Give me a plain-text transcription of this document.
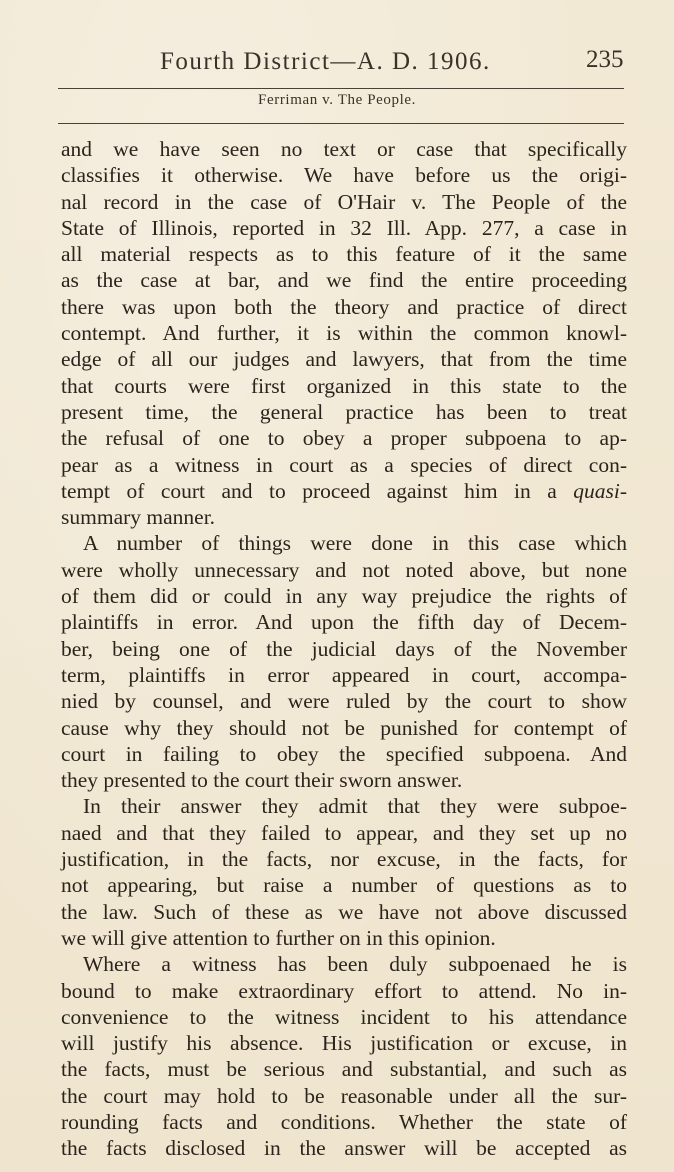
Fourth District—A. D. 1906.	235
Ferriman v. The People.
and we have seen no text or case that specifically
classifies it otherwise. We have before us the origi-
nal record in the case of O'Hair v. The People of the
State of Illinois, reported in 32 Ill. App. 277, a case in
all material respects as to this feature of it the same
as the case at bar, and we find the entire proceeding
there was upon both the theory and practice of direct
contempt. And further, it is within the common knowl-
edge of all our judges and lawyers, that from the time
that courts were first organized in this state to the
present time, the general practice has been to treat
the refusal of one to obey a proper subpoena to ap-
pear as a witness in court as a species of direct con-
tempt of court and to proceed against him in a quasi-
summary manner.
A number of things were done in this case which
were wholly unnecessary and not noted above, but none
of them did or could in any way prejudice the rights of
plaintiffs in error. And upon the fifth day of Decem-
ber, being one of the judicial days of the November
term, plaintiffs in error appeared in court, accompa-
nied by counsel, and were ruled by the court to show
cause why they should not be punished for contempt of
court in failing to obey the specified subpoena. And
they presented to the court their sworn answer.
In their answer they admit that they were subpoe-
naed and that they failed to appear, and they set up no
justification, in the facts, nor excuse, in the facts, for
not appearing, but raise a number of questions as to
the law. Such of these as we have not above discussed
we will give attention to further on in this opinion.
Where a witness has been duly subpoenaed he is
bound to make extraordinary effort to attend. No in-
convenience to the witness incident to his attendance
will justify his absence. His justification or excuse, in
the facts, must be serious and substantial, and such as
the court may hold to be reasonable under all the sur-
rounding facts and conditions. Whether the state of
the facts disclosed in the answer will be accepted as
